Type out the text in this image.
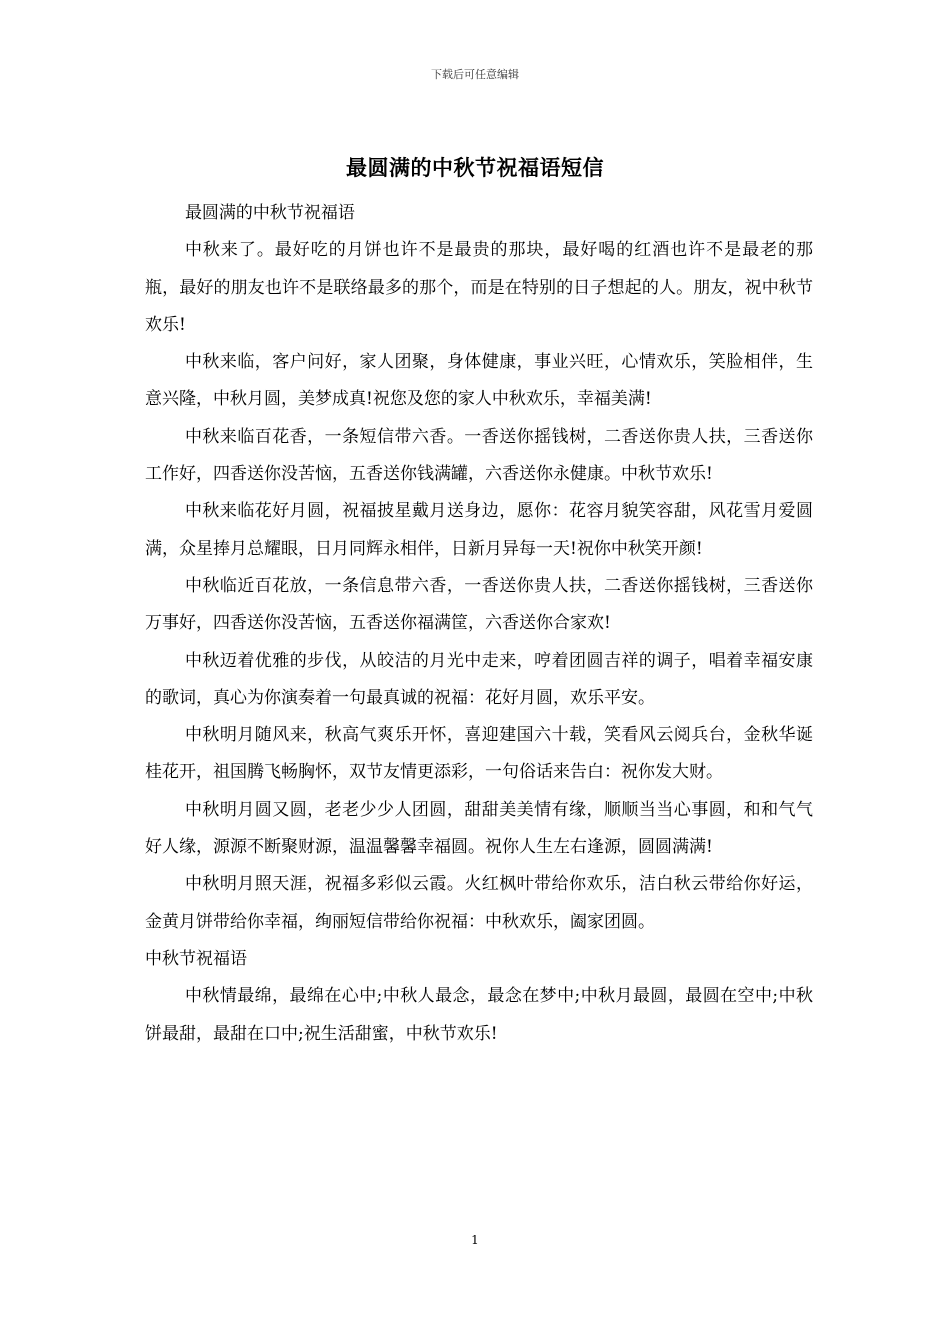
下载后可任意编辑
最圆满的中秋节祝福语短信

最圆满的中秋节祝福语

中秋来了。最好吃的月饼也许不是最贵的那块，最好喝的红酒也许不是最老的那瓶，最好的朋友也许不是联络最多的那个，而是在特别的日子想起的人。朋友，祝中秋节欢乐!

中秋来临，客户问好，家人团聚，身体健康，事业兴旺，心情欢乐，笑脸相伴，生意兴隆，中秋月圆，美梦成真!祝您及您的家人中秋欢乐，幸福美满!

中秋来临百花香，一条短信带六香。一香送你摇钱树，二香送你贵人扶，三香送你工作好，四香送你没苦恼，五香送你钱满罐，六香送你永健康。中秋节欢乐!

中秋来临花好月圆，祝福披星戴月送身边，愿你：花容月貌笑容甜，风花雪月爱圆满，众星捧月总耀眼，日月同辉永相伴，日新月异每一天!祝你中秋笑开颜!

中秋临近百花放，一条信息带六香，一香送你贵人扶，二香送你摇钱树，三香送你万事好，四香送你没苦恼，五香送你福满筐，六香送你合家欢!

中秋迈着优雅的步伐，从皎洁的月光中走来，哼着团圆吉祥的调子，唱着幸福安康的歌词，真心为你演奏着一句最真诚的祝福：花好月圆，欢乐平安。

中秋明月随风来，秋高气爽乐开怀，喜迎建国六十载，笑看风云阅兵台，金秋华诞桂花开，祖国腾飞畅胸怀，双节友情更添彩，一句俗话来告白：祝你发大财。

中秋明月圆又圆，老老少少人团圆，甜甜美美情有缘，顺顺当当心事圆，和和气气好人缘，源源不断聚财源，温温馨馨幸福圆。祝你人生左右逢源，圆圆满满!

中秋明月照天涯，祝福多彩似云霞。火红枫叶带给你欢乐，洁白秋云带给你好运，金黄月饼带给你幸福，绚丽短信带给你祝福：中秋欢乐，阖家团圆。

中秋节祝福语

中秋情最绵，最绵在心中;中秋人最念，最念在梦中;中秋月最圆，最圆在空中;中秋饼最甜，最甜在口中;祝生活甜蜜，中秋节欢乐!

1
